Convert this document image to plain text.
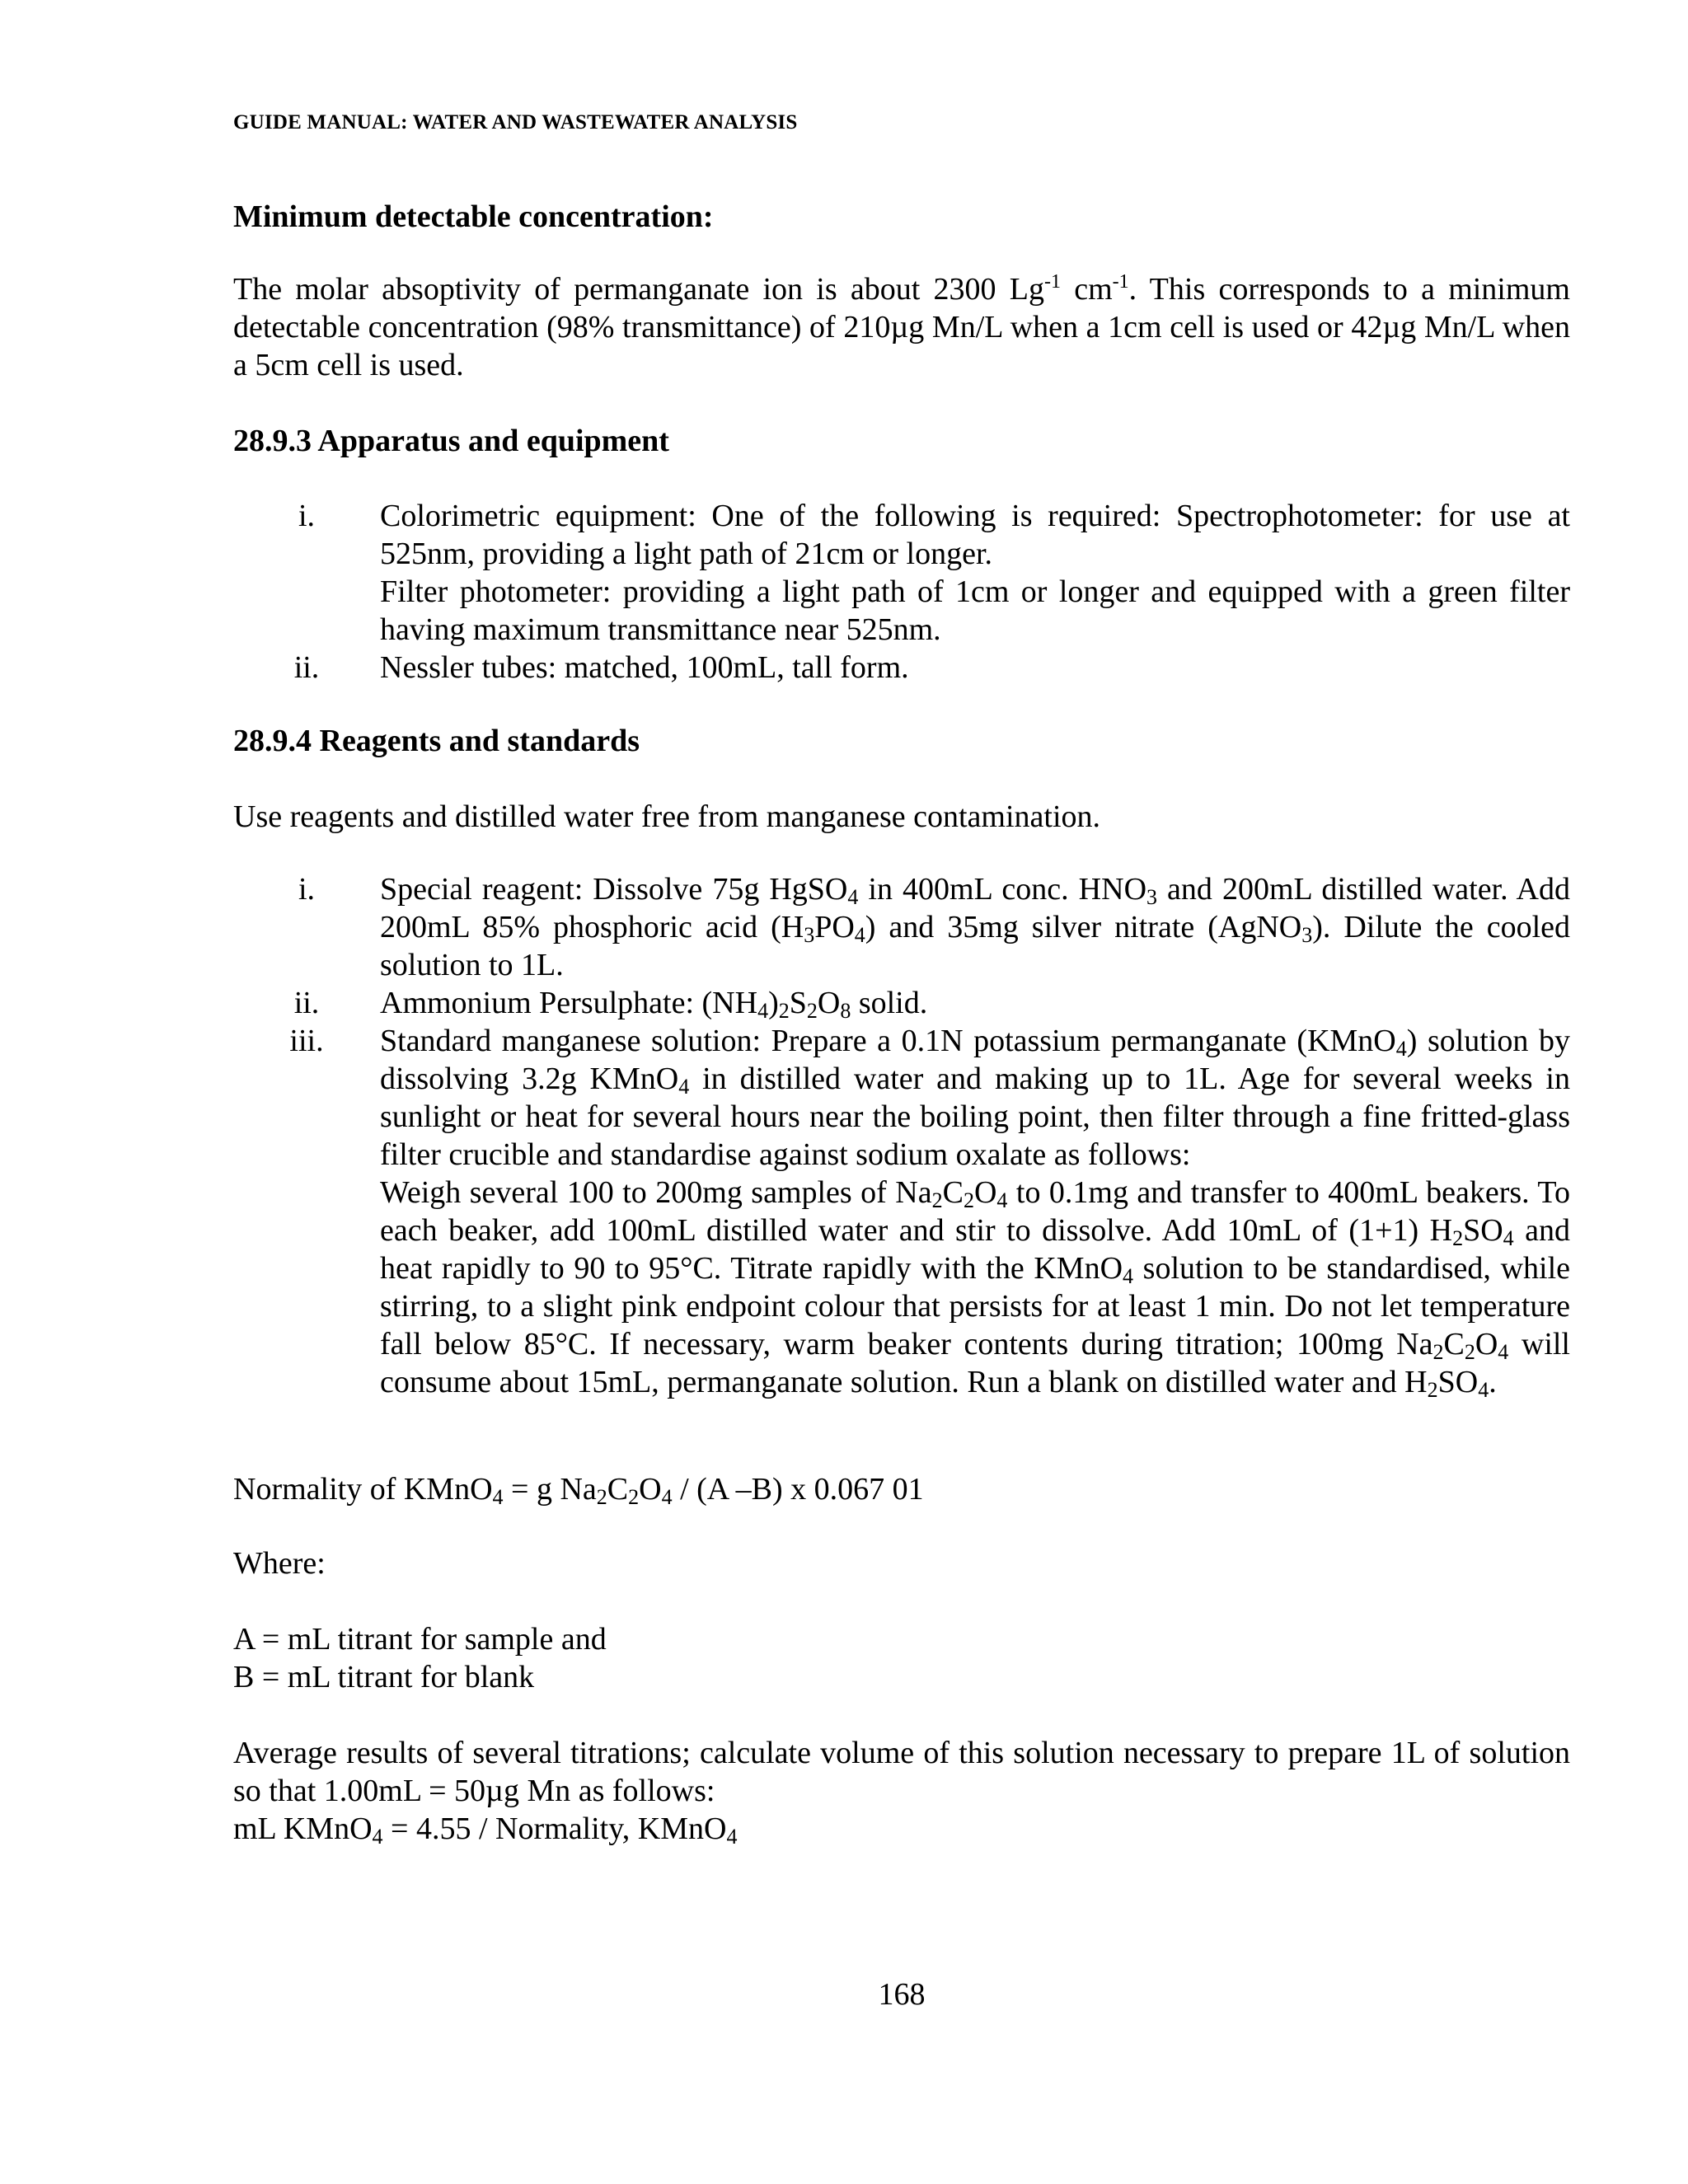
GUIDE MANUAL: WATER AND WASTEWATER ANALYSIS
Minimum detectable concentration:

The molar absoptivity of permanganate ion is about 2300 $Lg^{-1}$ $cm^{-1}$. This corresponds to a minimum detectable concentration (98% transmittance) of 210µg Mn/L when a 1cm cell is used or 42µg Mn/L when a 5cm cell is used.

28.9.3 Apparatus and equipment
i.	Colorimetric equipment: One of the following is required: Spectrophotometer: for use at 525nm, providing a light path of 21cm or longer.

Filter photometer: providing a light path of 1cm or longer and equipped with a green filter having maximum transmittance near 525nm.

ii.	Nessler tubes: matched, 100mL, tall form.

28.9.4 Reagents and standards
Use reagents and distilled water free from manganese contamination.
i.	Special reagent: Dissolve 75g HgSO$_4$ in 400mL conc. $HNO_3$ and 200mL distilled water. Add 200mL 85% phosphoric acid $(H_3PO_4)$ and 35mg silver nitrate (AgNO$_3$). Dilute the cooled solution to 1L.

ii.	Ammonium Persulphate: $(NH_4)_2S_2O_8$ solid.

iii.	Standard manganese solution: Prepare a 0.1N potassium permanganate (KMnO$_4$) solution by dissolving 3.2g KMnO$_4$ in distilled water and making up to 1L. Age for several weeks in sunlight or heat for several hours near the boiling point, then filter through a fine fritted-glass filter crucible and standardise against sodium oxalate as follows:

Weigh several 100 to 200mg samples of $Na_2C_2O_4$ to 0.1mg and transfer to 400mL beakers. To each beaker, add 100mL distilled water and stir to dissolve. Add 10mL of (1+1) $H_2SO_4$ and heat rapidly to 90 to 95°C. Titrate rapidly with the KMnO$_4$ solution to be standardised, while stirring, to a slight pink endpoint colour that persists for at least 1 min. Do not let temperature fall below 85°C. If necessary, warm beaker contents during titration; 100mg $Na_2C_2O_4$ will consume about 15mL, permanganate solution. Run a blank on distilled water and $H_2SO_4$.

Normality of KMnO$_4$ = g $Na_2C_2O_4 / (A$ –B) x 0.067 01
Where:
A = mL titrant for sample and
B = mL titrant for blank
Average results of several titrations; calculate volume of this solution necessary to prepare 1L of solution so that 1.00mL = 50µg Mn as follows:
mL KMnO$_4$ = 4.55 / Normality, KMnO$_4$
168
